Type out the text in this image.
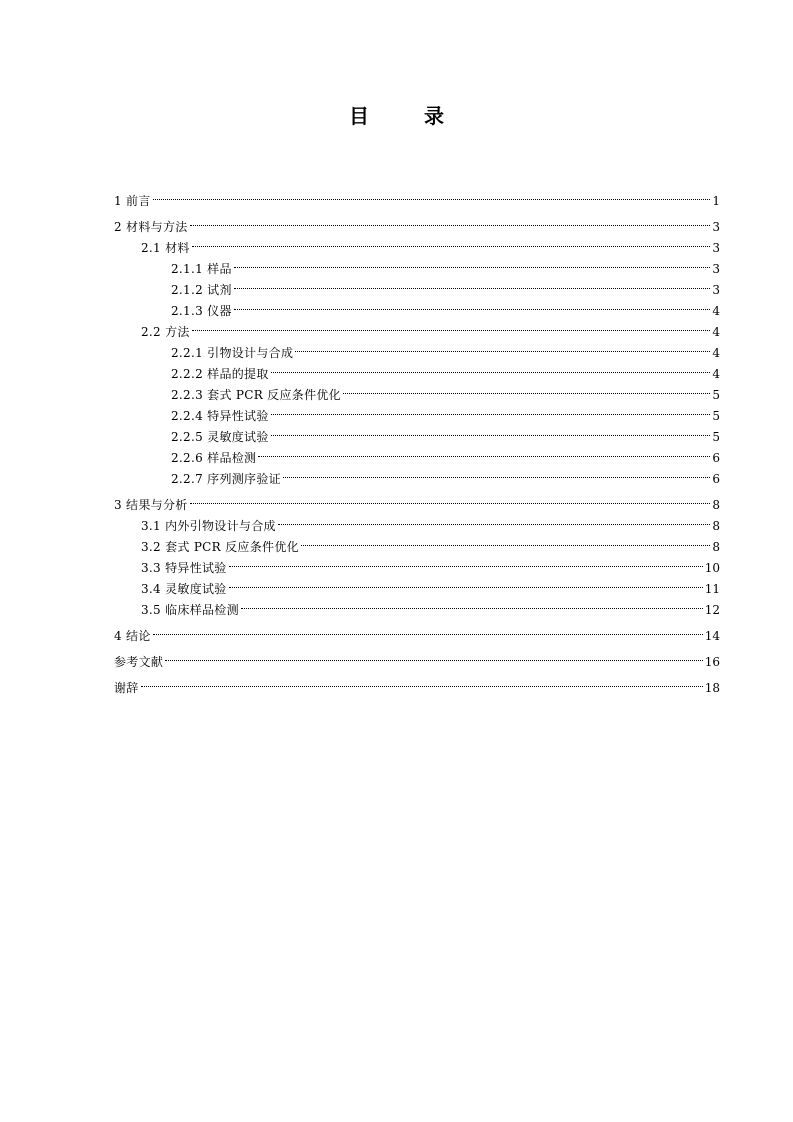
目 录
1 前言	1
2 材料与方法	3
2.1 材料	3
2.1.1 样品	3
2.1.2 试剂	3
2.1.3 仪器	4
2.2 方法	4
2.2.1 引物设计与合成	4
2.2.2 样品的提取	4
2.2.3 套式 PCR 反应条件优化	5
2.2.4 特异性试验	5
2.2.5 灵敏度试验	5
2.2.6 样品检测	6
2.2.7 序列测序验证	6
3 结果与分析	8
3.1 内外引物设计与合成	8
3.2 套式 PCR 反应条件优化	8
3.3 特异性试验	10
3.4 灵敏度试验	11
3.5 临床样品检测	12
4 结论	14
参考文献	16
谢辞	18
